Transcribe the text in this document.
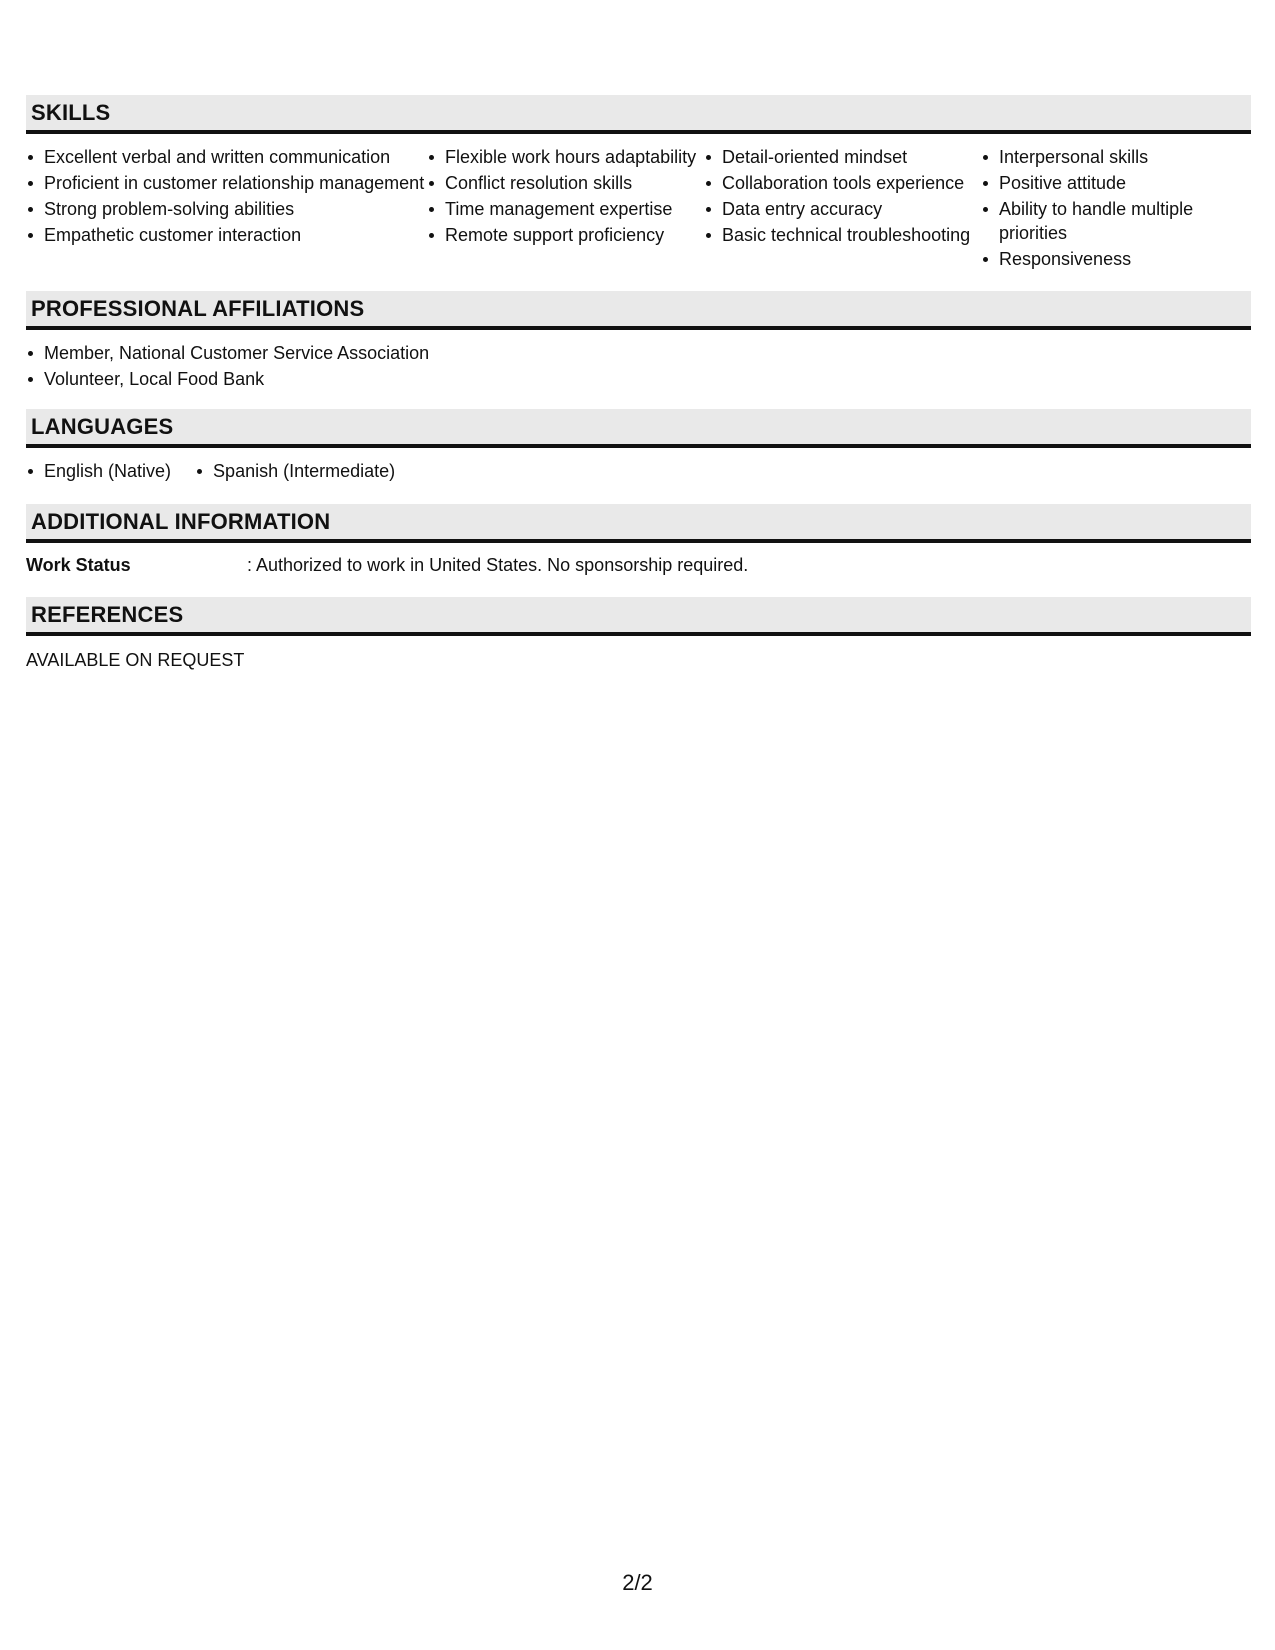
SKILLS
Excellent verbal and written communication
Proficient in customer relationship management
Strong problem-solving abilities
Empathetic customer interaction
Flexible work hours adaptability
Conflict resolution skills
Time management expertise
Remote support proficiency
Detail-oriented mindset
Collaboration tools experience
Data entry accuracy
Basic technical troubleshooting
Interpersonal skills
Positive attitude
Ability to handle multiple priorities
Responsiveness
PROFESSIONAL AFFILIATIONS
Member, National Customer Service Association
Volunteer, Local Food Bank
LANGUAGES
English (Native)	Spanish (Intermediate)
ADDITIONAL INFORMATION
Work Status	: Authorized to work in United States. No sponsorship required.
REFERENCES
AVAILABLE ON REQUEST
2/2
